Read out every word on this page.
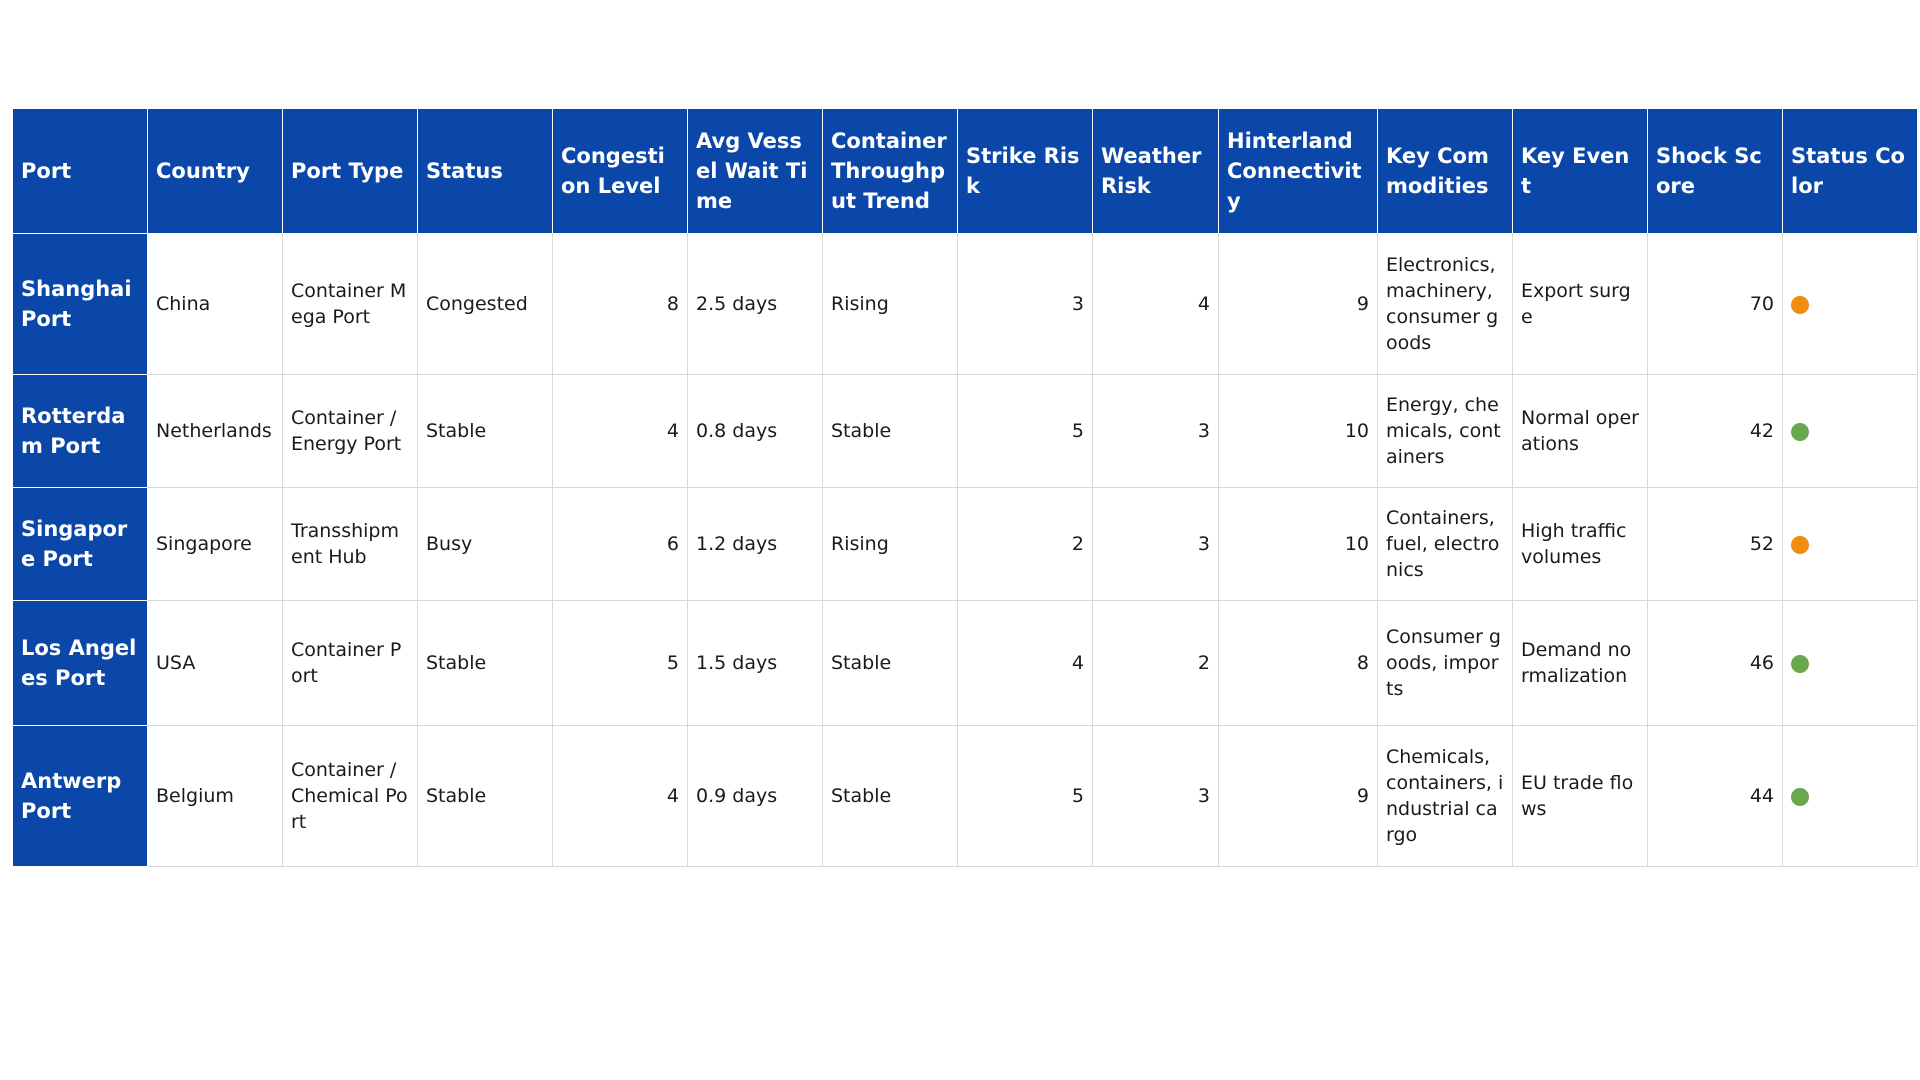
Port	Country	Port Type	Status	Congestion Level	Avg Vessel Wait Time	Container Throughput Trend	Strike Risk	Weather Risk	Hinterland Connectivity	Key Commodities	Key Event	Shock Score	Status Color
Shanghai Port	China	Container Mega Port	Congested	8	2.5 days	Rising	3	4	9	Electronics, machinery, consumer goods	Export surge	70	
Rotterdam Port	Netherlands	Container / Energy Port	Stable	4	0.8 days	Stable	5	3	10	Energy, chemicals, containers	Normal operations	42	
Singapore Port	Singapore	Transshipment Hub	Busy	6	1.2 days	Rising	2	3	10	Containers, fuel, electronics	High traffic volumes	52	
Los Angeles Port	USA	Container Port	Stable	5	1.5 days	Stable	4	2	8	Consumer goods, imports	Demand normalization	46	
Antwerp Port	Belgium	Container / Chemical Port	Stable	4	0.9 days	Stable	5	3	9	Chemicals, containers, industrial cargo	EU trade flows	44	
